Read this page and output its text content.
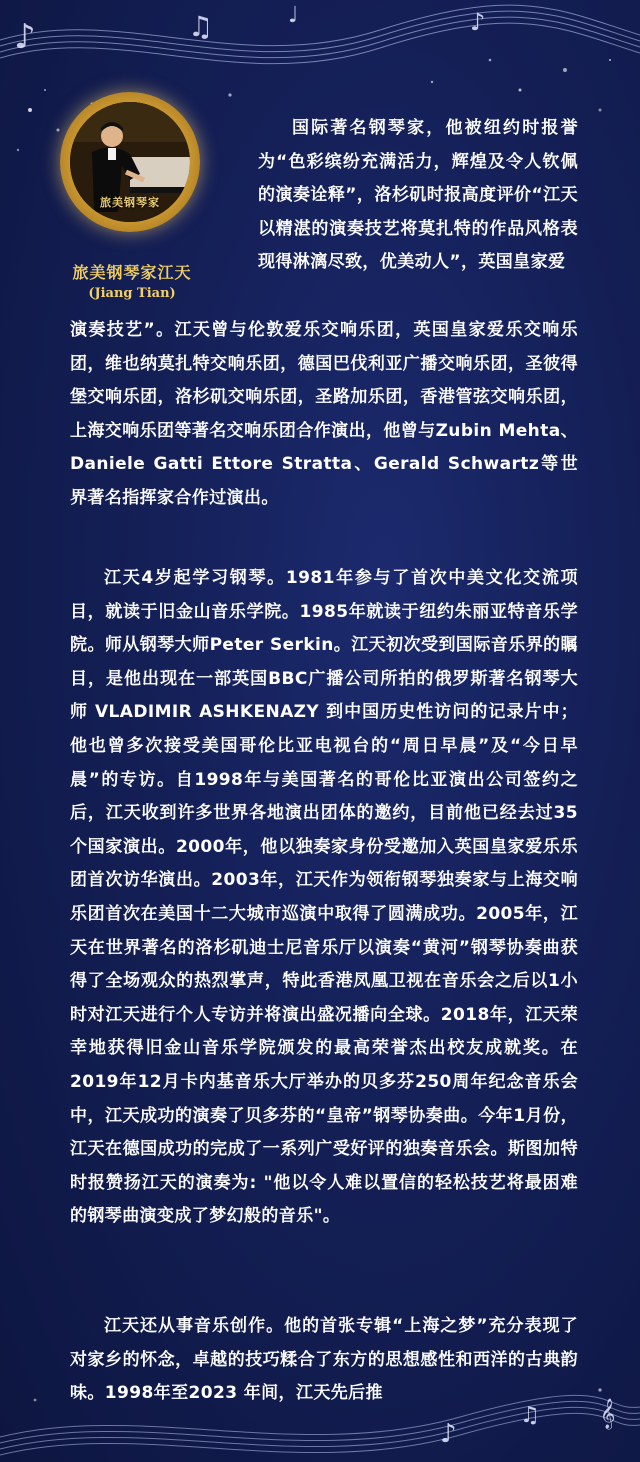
♪	♫	♩	♪
旅美钢琴家
旅美钢琴家江天
(Jiang Tian)

国际著名钢琴家，他被纽约时报誉为“色彩缤纷充满活力，辉煌及令人钦佩的演奏诠释”，洛杉矶时报高度评价“江天以精湛的演奏技艺将莫扎特的作品风格表现得淋漓尽致，优美动人”，英国皇家爱

演奏技艺”。江天曾与伦敦爱乐交响乐团，英国皇家爱乐交响乐团，维也纳莫扎特交响乐团，德国巴伐利亚广播交响乐团，圣彼得堡交响乐团，洛杉矶交响乐团，圣路加乐团，香港管弦交响乐团，上海交响乐团等著名交响乐团合作演出，他曾与Zubin Mehta、Daniele Gatti Ettore Stratta、Gerald Schwartz等世界著名指挥家合作过演出。

江天4岁起学习钢琴。1981年参与了首次中美文化交流项目，就读于旧金山音乐学院。1985年就读于纽约朱丽亚特音乐学院。师从钢琴大师Peter Serkin。江天初次受到国际音乐界的瞩目，是他出现在一部英国BBC广播公司所拍的俄罗斯著名钢琴大师 VLADIMIR ASHKENAZY 到中国历史性访问的记录片中；他也曾多次接受美国哥伦比亚电视台的“周日早晨”及“今日早晨”的专访。自1998年与美国著名的哥伦比亚演出公司签约之后，江天收到许多世界各地演出团体的邀约，目前他已经去过35个国家演出。2000年，他以独奏家身份受邀加入英国皇家爱乐乐团首次访华演出。2003年，江天作为领衔钢琴独奏家与上海交响乐团首次在美国十二大城市巡演中取得了圆满成功。2005年，江天在世界著名的洛杉矶迪士尼音乐厅以演奏“黄河”钢琴协奏曲获得了全场观众的热烈掌声，特此香港凤凰卫视在音乐会之后以1小时对江天进行个人专访并将演出盛况播向全球。2018年，江天荣幸地获得旧金山音乐学院颁发的最高荣誉杰出校友成就奖。在2019年12月卡内基音乐大厅举办的贝多芬250周年纪念音乐会中，江天成功的演奏了贝多芬的“皇帝”钢琴协奏曲。今年1月份，江天在德国成功的完成了一系列广受好评的独奏音乐会。斯图加特时报赞扬江天的演奏为: "他以令人难以置信的轻松技艺将最困难的钢琴曲演变成了梦幻般的音乐"。

江天还从事音乐创作。他的首张专辑“上海之梦”充分表现了对家乡的怀念，卓越的技巧糅合了东方的思想感性和西洋的古典韵味。1998年至2023 年间，江天先后推

♪
♫ 𝄞
